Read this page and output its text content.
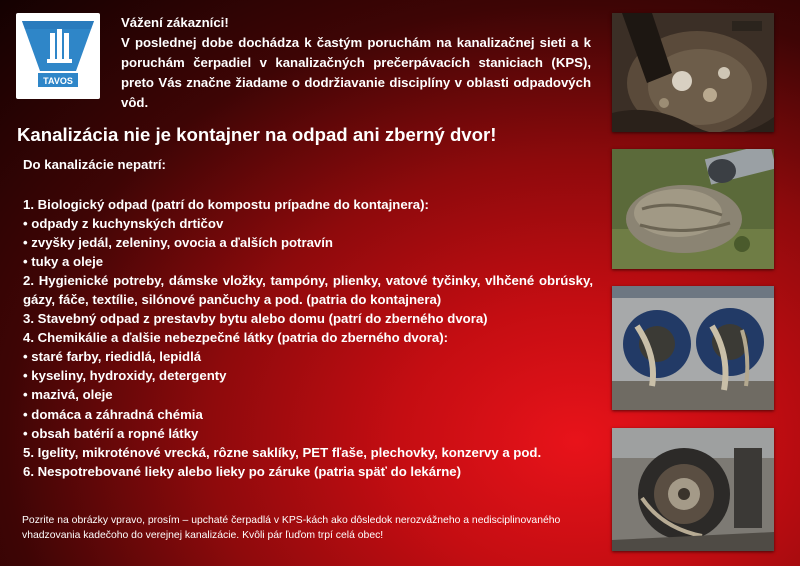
TAVOS
Vážení zákazníci!
V poslednej dobe dochádza k častým poruchám na kanalizačnej sieti a k poruchám čerpadiel v kanalizačných prečerpávacích staniciach (KPS), preto Vás značne žiadame o dodržiavanie disciplíny v oblasti odpadových vôd.
Kanalizácia nie je kontajner na odpad ani zberný dvor!
Do kanalizácie nepatrí:
1. Biologický odpad (patrí do kompostu prípadne do kontajnera):
• odpady z kuchynských drtičov
• zvyšky jedál, zeleniny, ovocia a ďalších potravín
• tuky a oleje
2. Hygienické potreby, dámske vložky, tampóny, plienky, vatové tyčinky, vlhčené obrúsky, gázy, fáče, textílie, silónové pančuchy a pod. (patria do kontajnera)
3. Stavebný odpad z prestavby bytu alebo domu (patrí do zberného dvora)
4. Chemikálie a ďalšie nebezpečné látky (patria do zberného dvora):
• staré farby, riedidlá, lepidlá
• kyseliny, hydroxidy, detergenty
• mazivá, oleje
• domáca a záhradná chémia
• obsah batérií a ropné látky
5. Igelity, mikroténové vrecká, rôzne saklíky, PET fľaše, plechovky, konzervy a pod.
6. Nespotrebované lieky alebo lieky po záruke (patria späť do lekárne)
Pozrite na obrázky vpravo, prosím – upchaté čerpadlá v KPS-kách ako dôsledok nerozvážneho a nedisciplinovaného vhadzovania kadečoho do verejnej kanalizácie. Kvôli pár ľuďom trpí celá obec!
